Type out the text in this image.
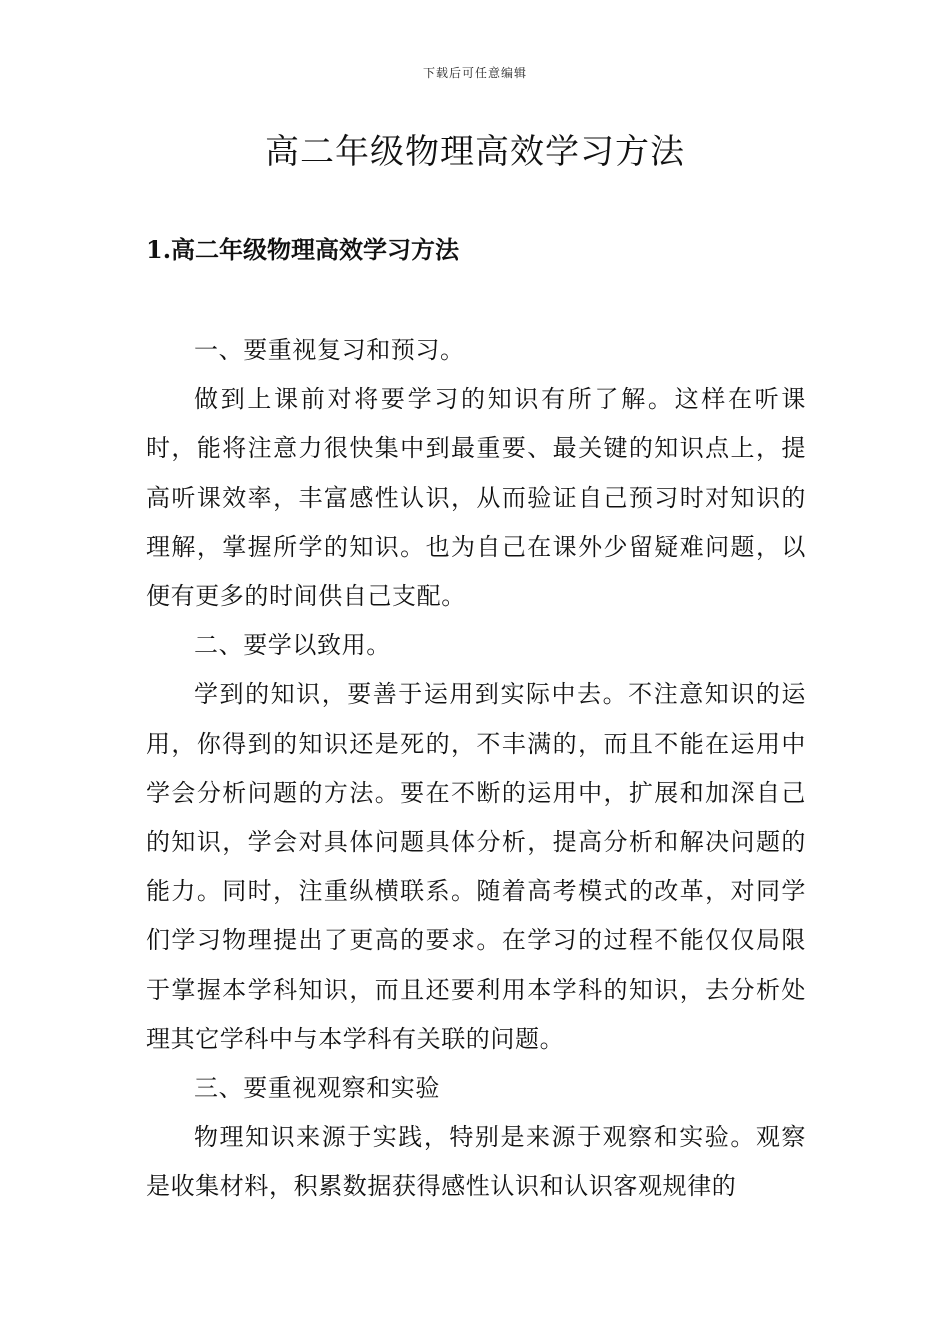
下载后可任意编辑
高二年级物理高效学习方法
1.高二年级物理高效学习方法

一、要重视复习和预习。

做到上课前对将要学习的知识有所了解。这样在听课时，能将注意力很快集中到最重要、最关键的知识点上，提高听课效率，丰富感性认识，从而验证自己预习时对知识的理解，掌握所学的知识。也为自己在课外少留疑难问题，以便有更多的时间供自己支配。

二、要学以致用。

学到的知识，要善于运用到实际中去。不注意知识的运用，你得到的知识还是死的，不丰满的，而且不能在运用中学会分析问题的方法。要在不断的运用中，扩展和加深自己的知识，学会对具体问题具体分析，提高分析和解决问题的能力。同时，注重纵横联系。随着高考模式的改革，对同学们学习物理提出了更高的要求。在学习的过程不能仅仅局限于掌握本学科知识，而且还要利用本学科的知识，去分析处理其它学科中与本学科有关联的问题。

三、要重视观察和实验

物理知识来源于实践，特别是来源于观察和实验。观察是收集材料，积累数据获得感性认识和认识客观规律的
